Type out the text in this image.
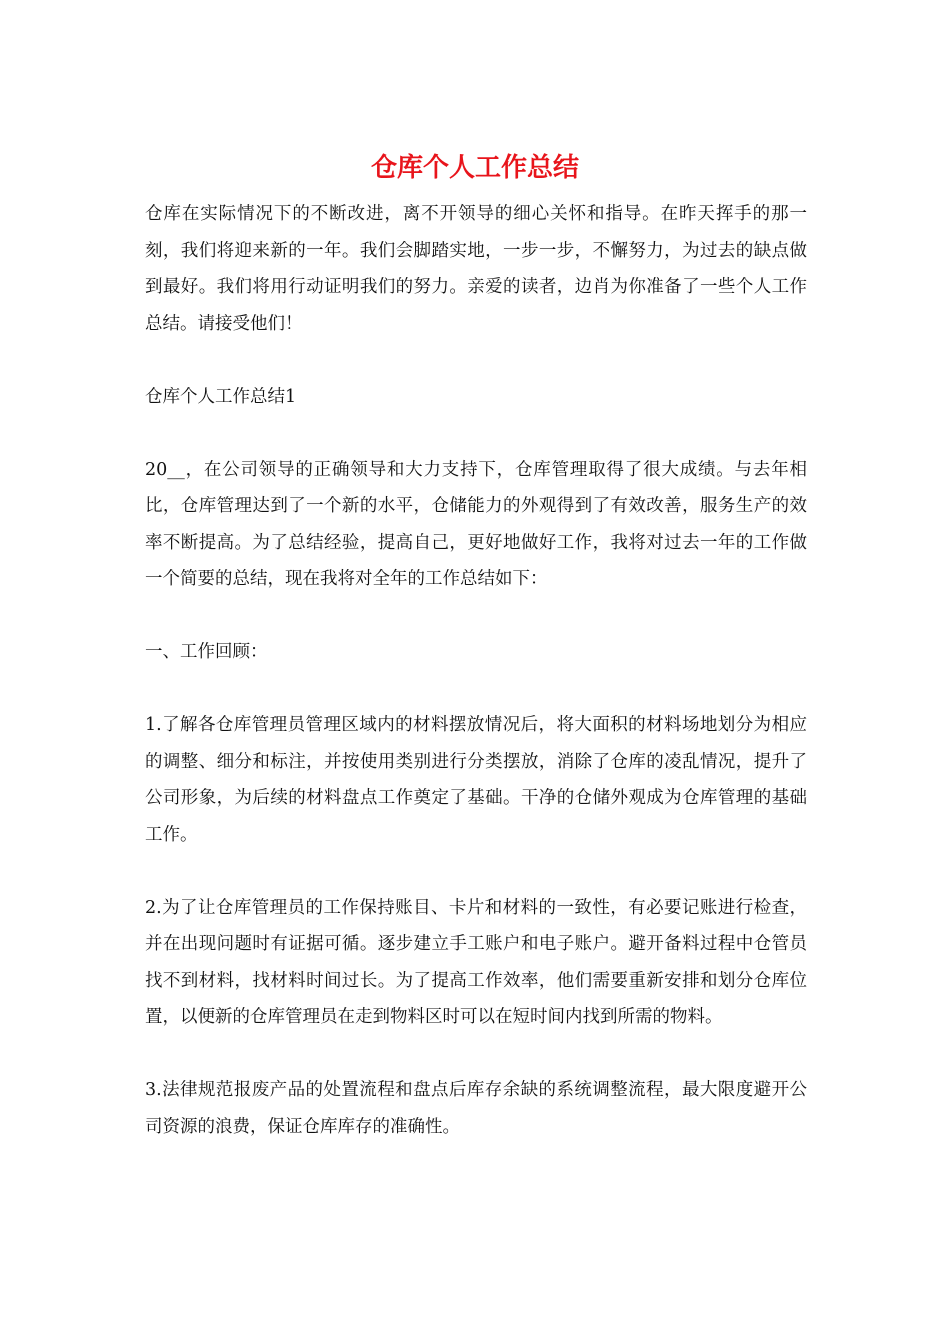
仓库个人工作总结

仓库在实际情况下的不断改进，离不开领导的细心关怀和指导。在昨天挥手的那一刻，我们将迎来新的一年。我们会脚踏实地，一步一步，不懈努力，为过去的缺点做到最好。我们将用行动证明我们的努力。亲爱的读者，边肖为你准备了一些个人工作总结。请接受他们！

仓库个人工作总结1

20__，在公司领导的正确领导和大力支持下，仓库管理取得了很大成绩。与去年相比，仓库管理达到了一个新的水平，仓储能力的外观得到了有效改善，服务生产的效率不断提高。为了总结经验，提高自己，更好地做好工作，我将对过去一年的工作做一个简要的总结，现在我将对全年的工作总结如下：

一、工作回顾：

1.了解各仓库管理员管理区域内的材料摆放情况后，将大面积的材料场地划分为相应的调整、细分和标注，并按使用类别进行分类摆放，消除了仓库的凌乱情况，提升了公司形象，为后续的材料盘点工作奠定了基础。干净的仓储外观成为仓库管理的基础工作。

2.为了让仓库管理员的工作保持账目、卡片和材料的一致性，有必要记账进行检查，并在出现问题时有证据可循。逐步建立手工账户和电子账户。避开备料过程中仓管员找不到材料，找材料时间过长。为了提高工作效率，他们需要重新安排和划分仓库位置，以便新的仓库管理员在走到物料区时可以在短时间内找到所需的物料。

3.法律规范报废产品的处置流程和盘点后库存余缺的系统调整流程，最大限度避开公司资源的浪费，保证仓库库存的准确性。
